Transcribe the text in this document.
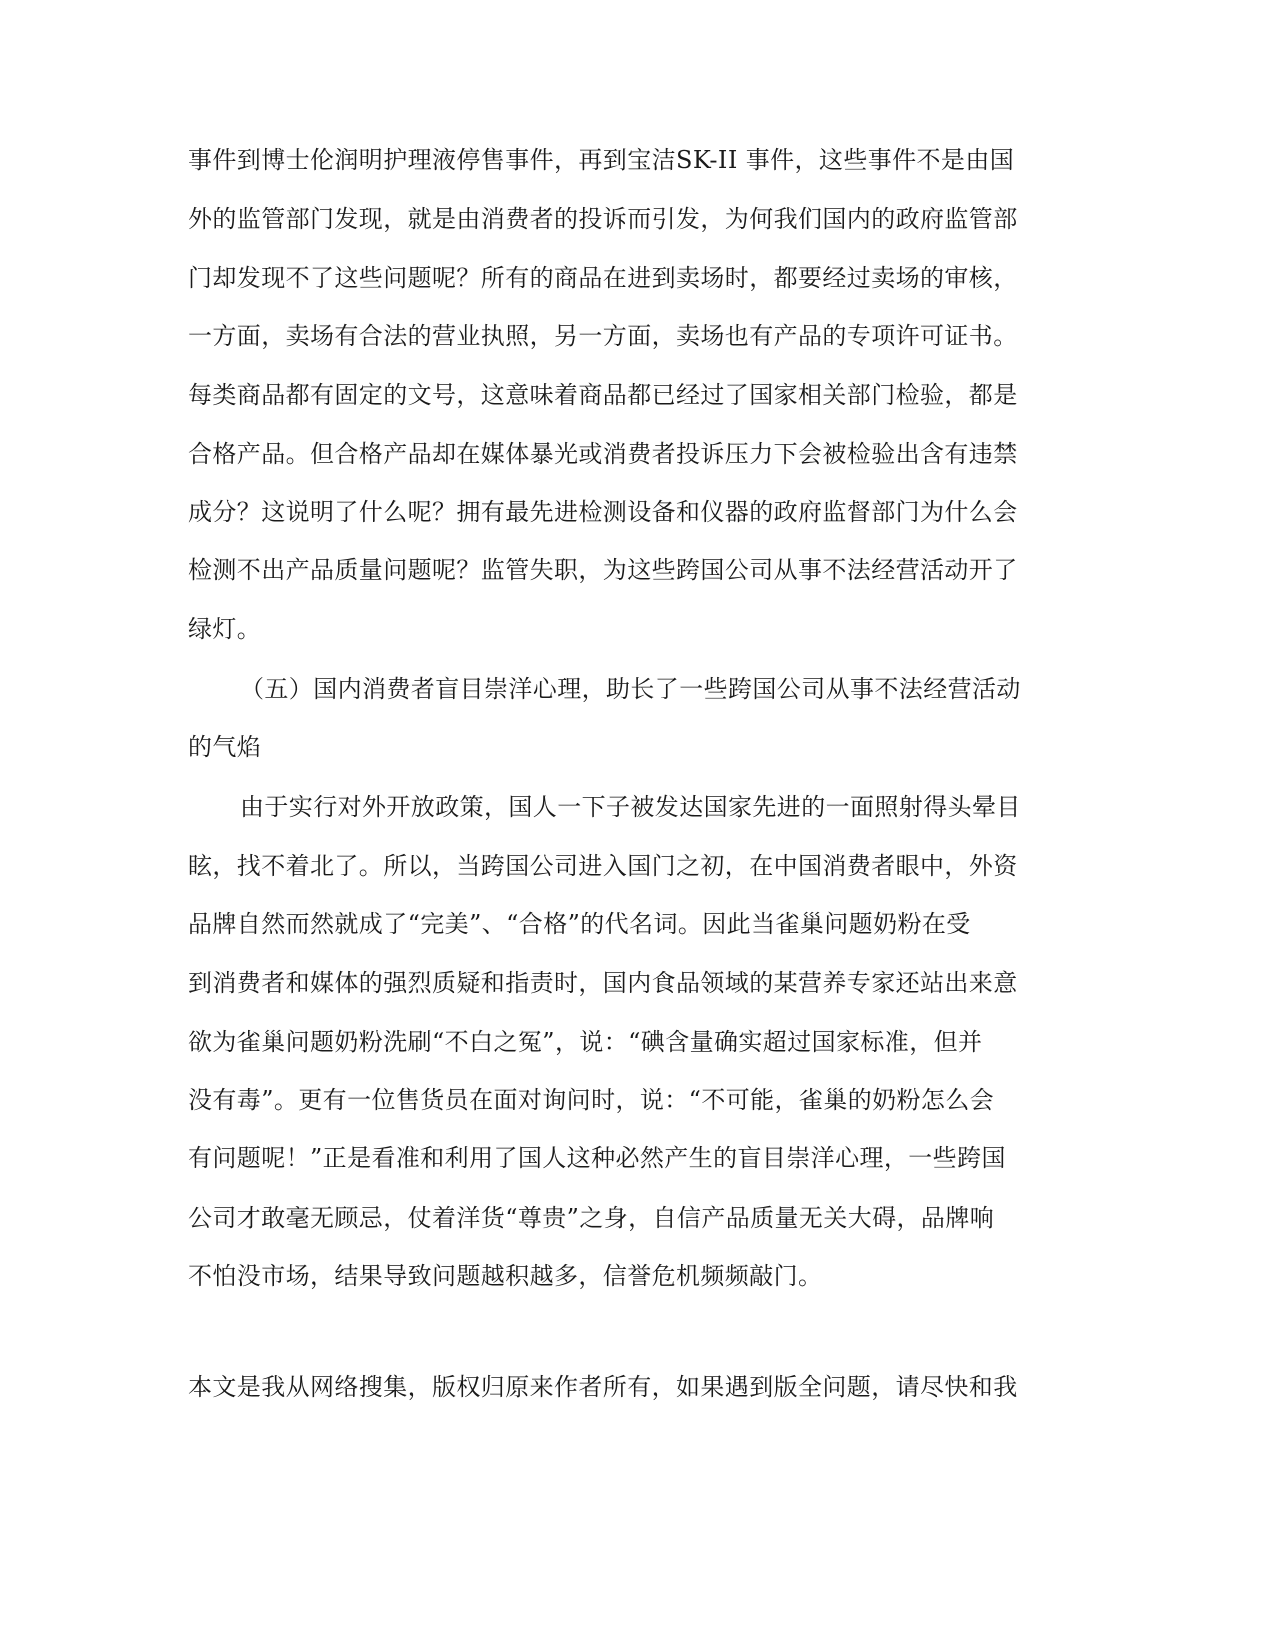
事件到博士伦润明护理液停售事件，再到宝洁SK-II 事件，这些事件不是由国
外的监管部门发现，就是由消费者的投诉而引发，为何我们国内的政府监管部
门却发现不了这些问题呢？所有的商品在进到卖场时，都要经过卖场的审核，
一方面，卖场有合法的营业执照，另一方面，卖场也有产品的专项许可证书。
每类商品都有固定的文号，这意味着商品都已经过了国家相关部门检验，都是
合格产品。但合格产品却在媒体暴光或消费者投诉压力下会被检验出含有违禁
成分？这说明了什么呢？拥有最先进检测设备和仪器的政府监督部门为什么会
检测不出产品质量问题呢？监管失职，为这些跨国公司从事不法经营活动开了
绿灯。
（五）国内消费者盲目崇洋心理，助长了一些跨国公司从事不法经营活动
的气焰
由于实行对外开放政策，国人一下子被发达国家先进的一面照射得头晕目
眩，找不着北了。所以，当跨国公司进入国门之初，在中国消费者眼中，外资
品牌自然而然就成了“完美”、“合格”的代名词。因此当雀巢问题奶粉在受
到消费者和媒体的强烈质疑和指责时，国内食品领域的某营养专家还站出来意
欲为雀巢问题奶粉洗刷“不白之冤”，说：“碘含量确实超过国家标准，但并
没有毒”。更有一位售货员在面对询问时，说：“不可能，雀巢的奶粉怎么会
有问题呢！”正是看准和利用了国人这种必然产生的盲目崇洋心理，一些跨国
公司才敢毫无顾忌，仗着洋货“尊贵”之身，自信产品质量无关大碍，品牌响
不怕没市场，结果导致问题越积越多，信誉危机频频敲门。
本文是我从网络搜集，版权归原来作者所有，如果遇到版全问题，请尽快和我
